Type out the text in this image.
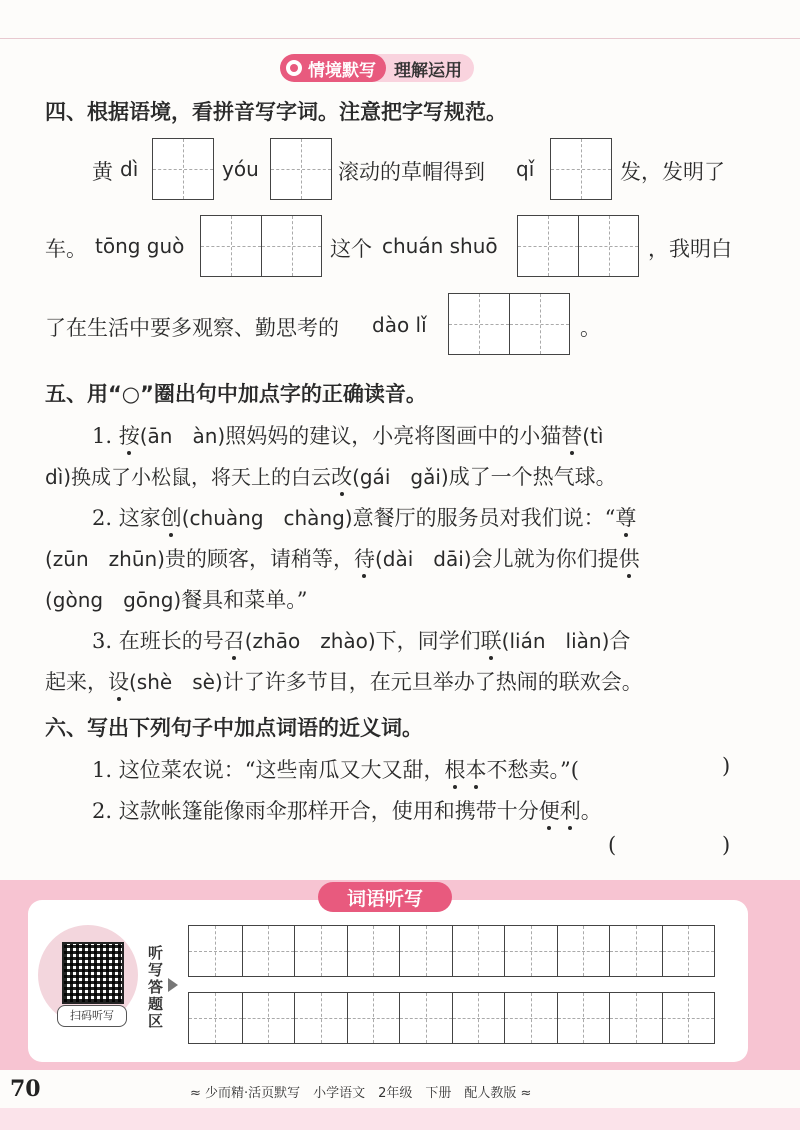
情境默写	理解运用
四、根据语境，看拼音写字词。注意把字写规范。
黄 dì	yóu	滚动的草帽得到 qǐ	发，发明了
车。 tōng guò	这个 chuán shuō	，我明白
了在生活中要多观察、勤思考的 dào lǐ	。
五、用“○”圈出句中加点字的正确读音。
1. 按(ān　àn)照妈妈的建议，小亮将图画中的小猫替(tì
dì)换成了小松鼠，将天上的白云改(gái　gǎi)成了一个热气球。
2. 这家创(chuàng　chàng)意餐厅的服务员对我们说：“尊
(zūn　zhūn)贵的顾客，请稍等，待(dài　dāi)会儿就为你们提供
(gòng　gōng)餐具和菜单。”
3. 在班长的号召(zhāo　zhào)下，同学们联(lián　liàn)合
起来，设(shè　sè)计了许多节目，在元旦举办了热闹的联欢会。
六、写出下列句子中加点词语的近义词。
1. 这位菜农说：“这些南瓜又大又甜，根本不愁卖。”(	)
2. 这款帐篷能像雨伞那样开合，使用和携带十分便利。
(	)
词语听写
扫码听写
听写答题区
70	≈ 少而精·活页默写　小学语文　2年级　下册　配人教版 ≈
